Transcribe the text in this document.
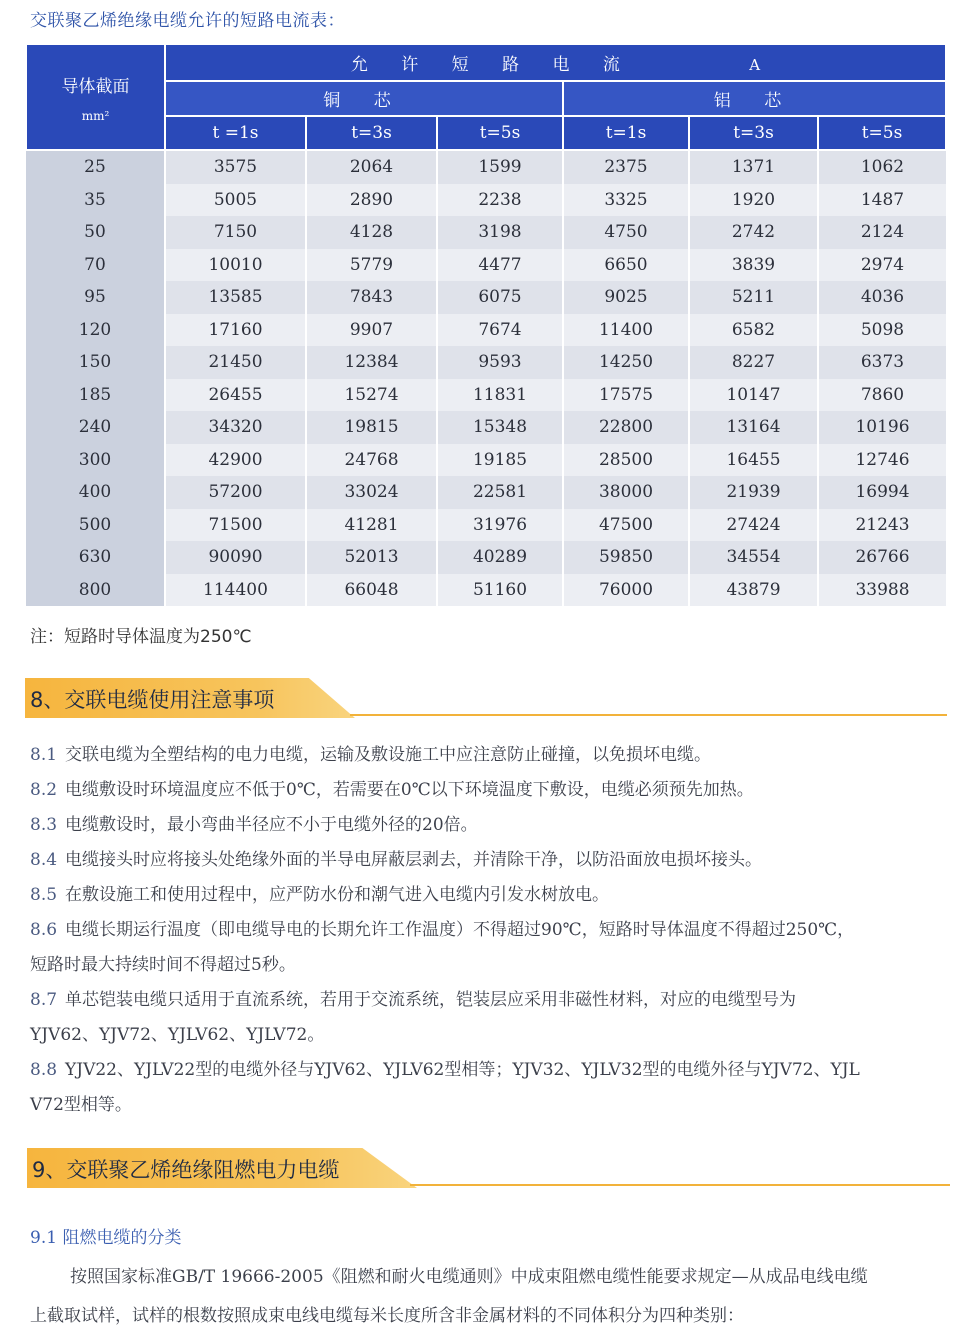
交联聚乙烯绝缘电缆允许的短路电流表：
导体截面
mm²	允 许 短 路 电 流 A					
	铜 芯			铝 芯		
	t =1s	t=3s	t=5s	t=1s	t=3s	t=5s
25	3575	2064	1599	2375	1371	1062
35	5005	2890	2238	3325	1920	1487
50	7150	4128	3198	4750	2742	2124
70	10010	5779	4477	6650	3839	2974
95	13585	7843	6075	9025	5211	4036
120	17160	9907	7674	11400	6582	5098
150	21450	12384	9593	14250	8227	6373
185	26455	15274	11831	17575	10147	7860
240	34320	19815	15348	22800	13164	10196
300	42900	24768	19185	28500	16455	12746
400	57200	33024	22581	38000	21939	16994
500	71500	41281	31976	47500	27424	21243
630	90090	52013	40289	59850	34554	26766
800	114400	66048	51160	76000	43879	33988
注：短路时导体温度为250℃
8、交联电缆使用注意事项
8.1 交联电缆为全塑结构的电力电缆，运输及敷设施工中应注意防止碰撞，以免损坏电缆。
8.2 电缆敷设时环境温度应不低于0℃，若需要在0℃以下环境温度下敷设，电缆必须预先加热。
8.3 电缆敷设时，最小弯曲半径应不小于电缆外径的20倍。
8.4 电缆接头时应将接头处绝缘外面的半导电屏蔽层剥去，并清除干净，以防沿面放电损坏接头。
8.5 在敷设施工和使用过程中，应严防水份和潮气进入电缆内引发水树放电。
8.6 电缆长期运行温度（即电缆导电的长期允许工作温度）不得超过90℃，短路时导体温度不得超过250℃，
短路时最大持续时间不得超过5秒。
8.7 单芯铠装电缆只适用于直流系统，若用于交流系统，铠装层应采用非磁性材料，对应的电缆型号为
YJV62、YJV72、YJLV62、YJLV72。
8.8 YJV22、YJLV22型的电缆外径与YJV62、YJLV62型相等；YJV32、YJLV32型的电缆外径与YJV72、YJL
V72型相等。
9、交联聚乙烯绝缘阻燃电力电缆
9.1 阻燃电缆的分类
按照国家标准GB/T 19666-2005《阻燃和耐火电缆通则》中成束阻燃电缆性能要求规定—从成品电线电缆
上截取试样，试样的根数按照成束电线电缆每米长度所含非金属材料的不同体积分为四种类别：
